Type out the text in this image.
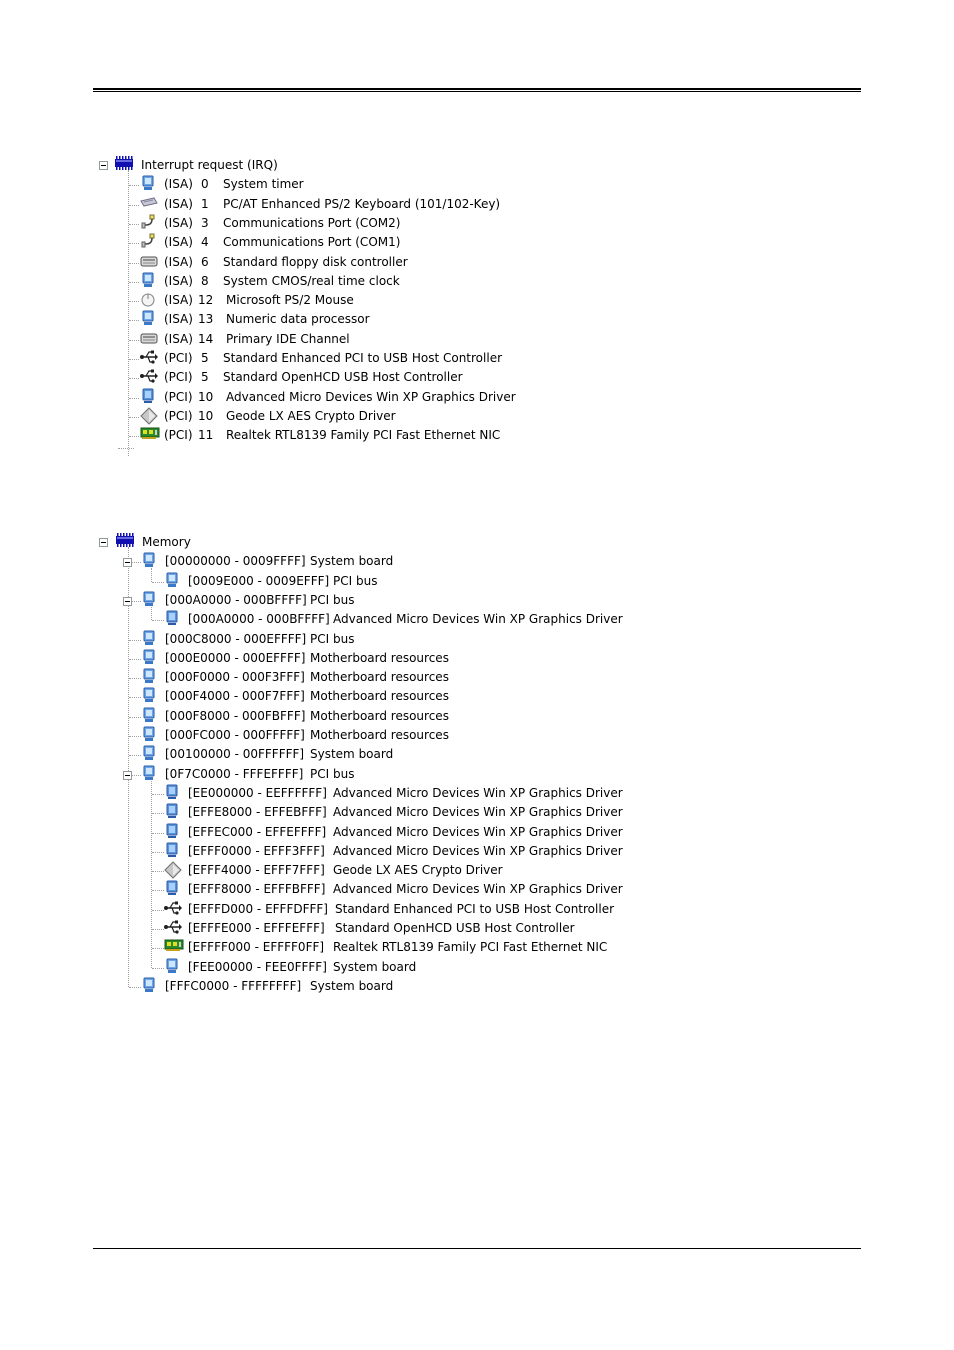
Interrupt request (IRQ)
(ISA) 0 System timer
(ISA) 1 PC/AT Enhanced PS/2 Keyboard (101/102-Key)
(ISA) 3 Communications Port (COM2)
(ISA) 4 Communications Port (COM1)
(ISA) 6 Standard floppy disk controller
(ISA) 8 System CMOS/real time clock
(ISA) 12 Microsoft PS/2 Mouse
(ISA) 13 Numeric data processor
(ISA) 14 Primary IDE Channel
(PCI) 5 Standard Enhanced PCI to USB Host Controller
(PCI) 5 Standard OpenHCD USB Host Controller
(PCI) 10 Advanced Micro Devices Win XP Graphics Driver
(PCI) 10 Geode LX AES Crypto Driver
(PCI) 11 Realtek RTL8139 Family PCI Fast Ethernet NIC
Memory
[00000000 - 0009FFFF] System board
[0009E000 - 0009EFFF] PCI bus
[000A0000 - 000BFFFF] PCI bus
[000A0000 - 000BFFFF] Advanced Micro Devices Win XP Graphics Driver
[000C8000 - 000EFFFF] PCI bus
[000E0000 - 000EFFFF] Motherboard resources
[000F0000 - 000F3FFF] Motherboard resources
[000F4000 - 000F7FFF] Motherboard resources
[000F8000 - 000FBFFF] Motherboard resources
[000FC000 - 000FFFFF] Motherboard resources
[00100000 - 00FFFFFF] System board
[0F7C0000 - FFFEFFFF] PCI bus
[EE000000 - EEFFFFFF] Advanced Micro Devices Win XP Graphics Driver
[EFFE8000 - EFFEBFFF] Advanced Micro Devices Win XP Graphics Driver
[EFFEC000 - EFFEFFFF] Advanced Micro Devices Win XP Graphics Driver
[EFFF0000 - EFFF3FFF] Advanced Micro Devices Win XP Graphics Driver
[EFFF4000 - EFFF7FFF] Geode LX AES Crypto Driver
[EFFF8000 - EFFFBFFF] Advanced Micro Devices Win XP Graphics Driver
[EFFFD000 - EFFFDFFF] Standard Enhanced PCI to USB Host Controller
[EFFFE000 - EFFFEFFF] Standard OpenHCD USB Host Controller
[EFFFF000 - EFFFF0FF] Realtek RTL8139 Family PCI Fast Ethernet NIC
[FEE00000 - FEE0FFFF] System board
[FFFC0000 - FFFFFFFF] System board
